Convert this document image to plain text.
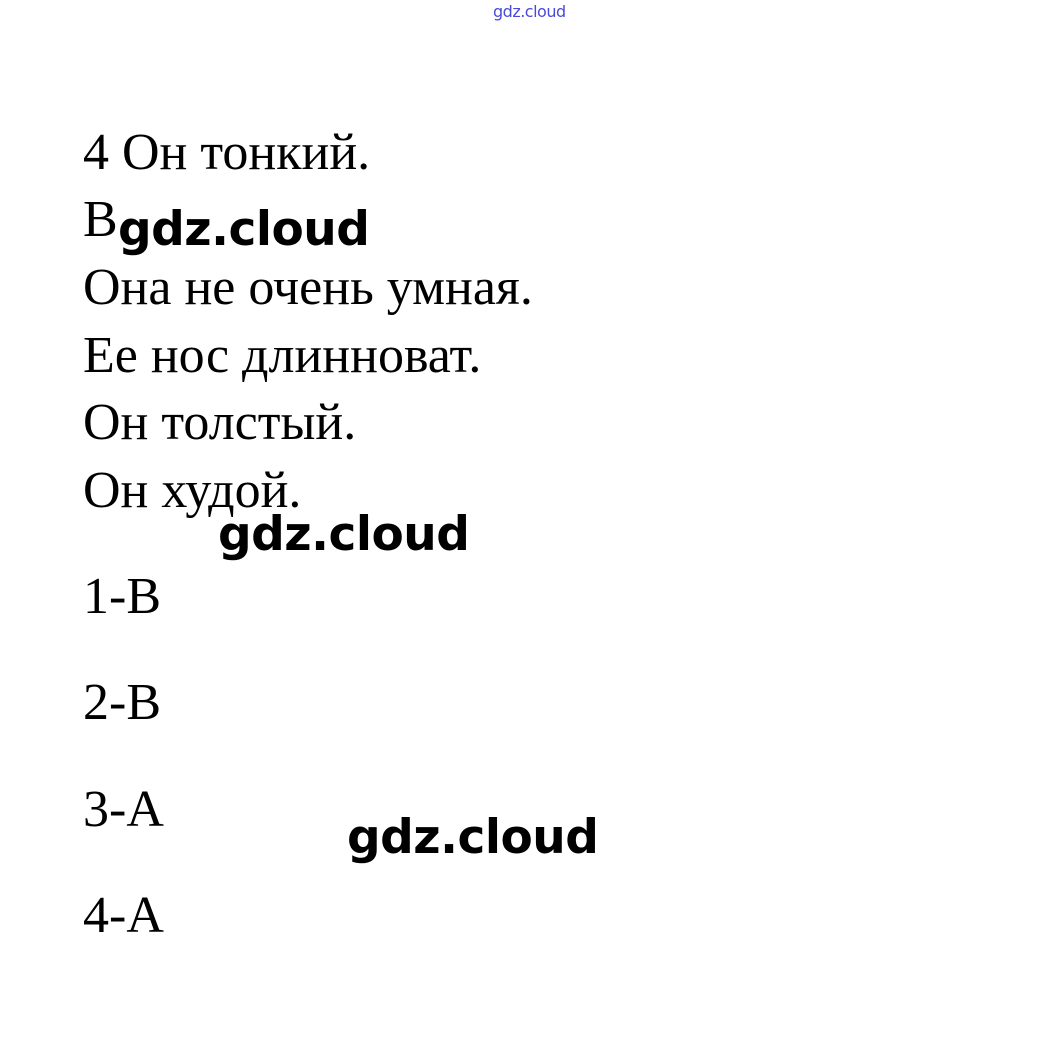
gdz.cloud
4 Он тонкий.
В
Она не очень умная.
Ее нос длинноват.
Он толстый.
Он худой.
1-В
2-В
3-А
4-А
gdz.cloud
gdz.cloud
gdz.cloud
